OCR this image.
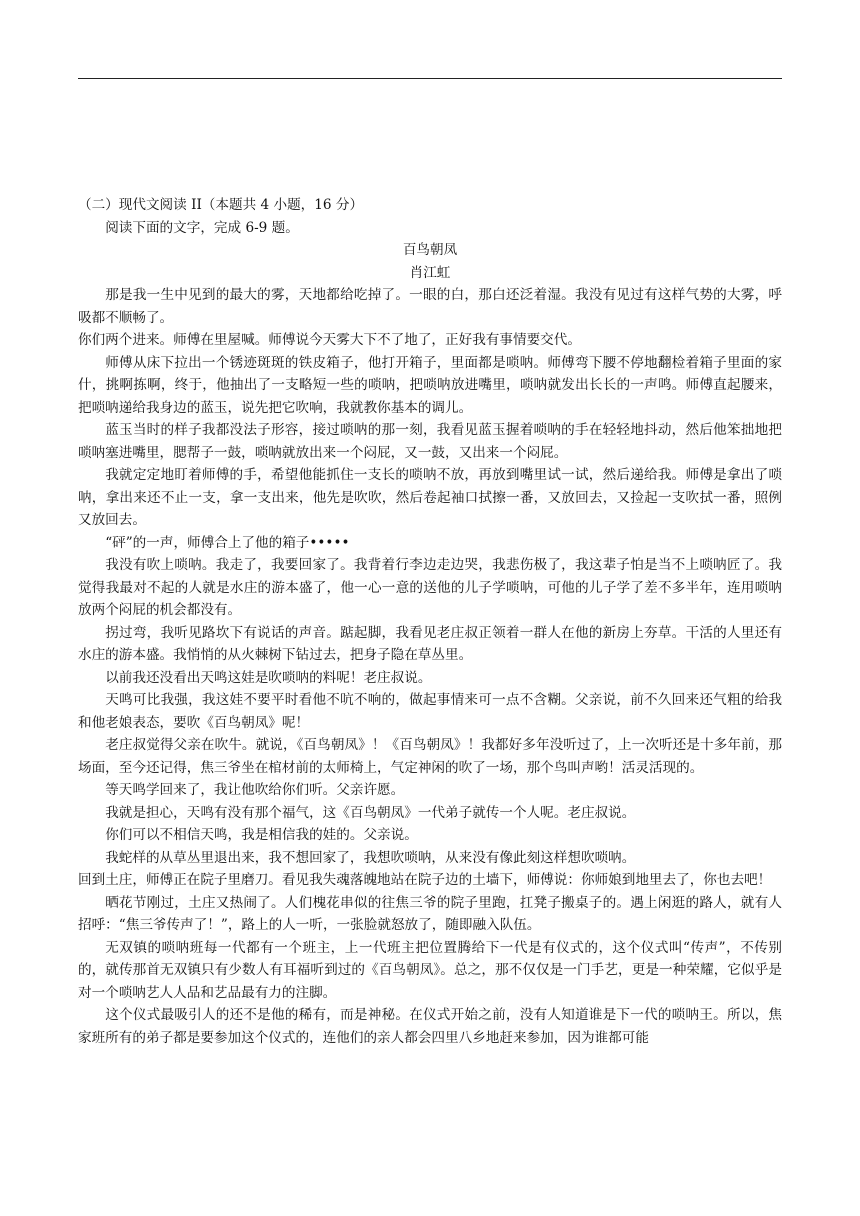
（二）现代文阅读 II（本题共 4 小题，16 分）

阅读下面的文字，完成 6-9 题。

百鸟朝凤

肖江虹

那是我一生中见到的最大的雾，天地都给吃掉了。一眼的白，那白还泛着湿。我没有见过有这样气势的大雾，呼吸都不顺畅了。

你们两个进来。师傅在里屋喊。师傅说今天雾大下不了地了，正好我有事情要交代。

师傅从床下拉出一个锈迹斑斑的铁皮箱子，他打开箱子，里面都是唢呐。师傅弯下腰不停地翻检着箱子里面的家什，挑啊拣啊，终于，他抽出了一支略短一些的唢呐，把唢呐放进嘴里，唢呐就发出长长的一声鸣。师傅直起腰来，把唢呐递给我身边的蓝玉，说先把它吹响，我就教你基本的调儿。

蓝玉当时的样子我都没法子形容，接过唢呐的那一刻，我看见蓝玉握着唢呐的手在轻轻地抖动，然后他笨拙地把唢呐塞进嘴里，腮帮子一鼓，唢呐就放出来一个闷屁，又一鼓，又出来一个闷屁。

我就定定地盯着师傅的手，希望他能抓住一支长的唢呐不放，再放到嘴里试一试，然后递给我。师傅是拿出了唢呐，拿出来还不止一支，拿一支出来，他先是吹吹，然后卷起袖口拭擦一番，又放回去，又捡起一支吹拭一番，照例又放回去。

“砰”的一声，师傅合上了他的箱子•••••

我没有吹上唢呐。我走了，我要回家了。我背着行李边走边哭，我悲伤极了，我这辈子怕是当不上唢呐匠了。我觉得我最对不起的人就是水庄的游本盛了，他一心一意的送他的儿子学唢呐，可他的儿子学了差不多半年，连用唢呐放两个闷屁的机会都没有。

拐过弯，我听见路坎下有说话的声音。踮起脚，我看见老庄叔正领着一群人在他的新房上夯草。干活的人里还有水庄的游本盛。我悄悄的从火棘树下钻过去，把身子隐在草丛里。

以前我还没看出天鸣这娃是吹唢呐的料呢！老庄叔说。

天鸣可比我强，我这娃不要平时看他不吭不响的，做起事情来可一点不含糊。父亲说，前不久回来还气粗的给我和他老娘表态，要吹《百鸟朝凤》呢！

老庄叔觉得父亲在吹牛。就说，《百鸟朝凤》！《百鸟朝凤》！我都好多年没听过了，上一次听还是十多年前，那场面，至今还记得，焦三爷坐在棺材前的太师椅上，气定神闲的吹了一场，那个鸟叫声哟！活灵活现的。

等天鸣学回来了，我让他吹给你们听。父亲许愿。

我就是担心，天鸣有没有那个福气，这《百鸟朝凤》一代弟子就传一个人呢。老庄叔说。

你们可以不相信天鸣，我是相信我的娃的。父亲说。

我蛇样的从草丛里退出来，我不想回家了，我想吹唢呐，从来没有像此刻这样想吹唢呐。

回到土庄，师傅正在院子里磨刀。看见我失魂落魄地站在院子边的土墙下，师傅说：你师娘到地里去了，你也去吧！

晒花节刚过，土庄又热闹了。人们槐花串似的往焦三爷的院子里跑，扛凳子搬桌子的。遇上闲逛的路人，就有人招呼：“焦三爷传声了！”，路上的人一听，一张脸就怒放了，随即融入队伍。

无双镇的唢呐班每一代都有一个班主，上一代班主把位置腾给下一代是有仪式的，这个仪式叫“传声”，不传别的，就传那首无双镇只有少数人有耳福听到过的《百鸟朝凤》。总之，那不仅仅是一门手艺，更是一种荣耀，它似乎是对一个唢呐艺人人品和艺品最有力的注脚。

这个仪式最吸引人的还不是他的稀有，而是神秘。在仪式开始之前，没有人知道谁是下一代的唢呐王。所以，焦家班所有的弟子都是要参加这个仪式的，连他们的亲人都会四里八乡地赶来参加，因为谁都可能
